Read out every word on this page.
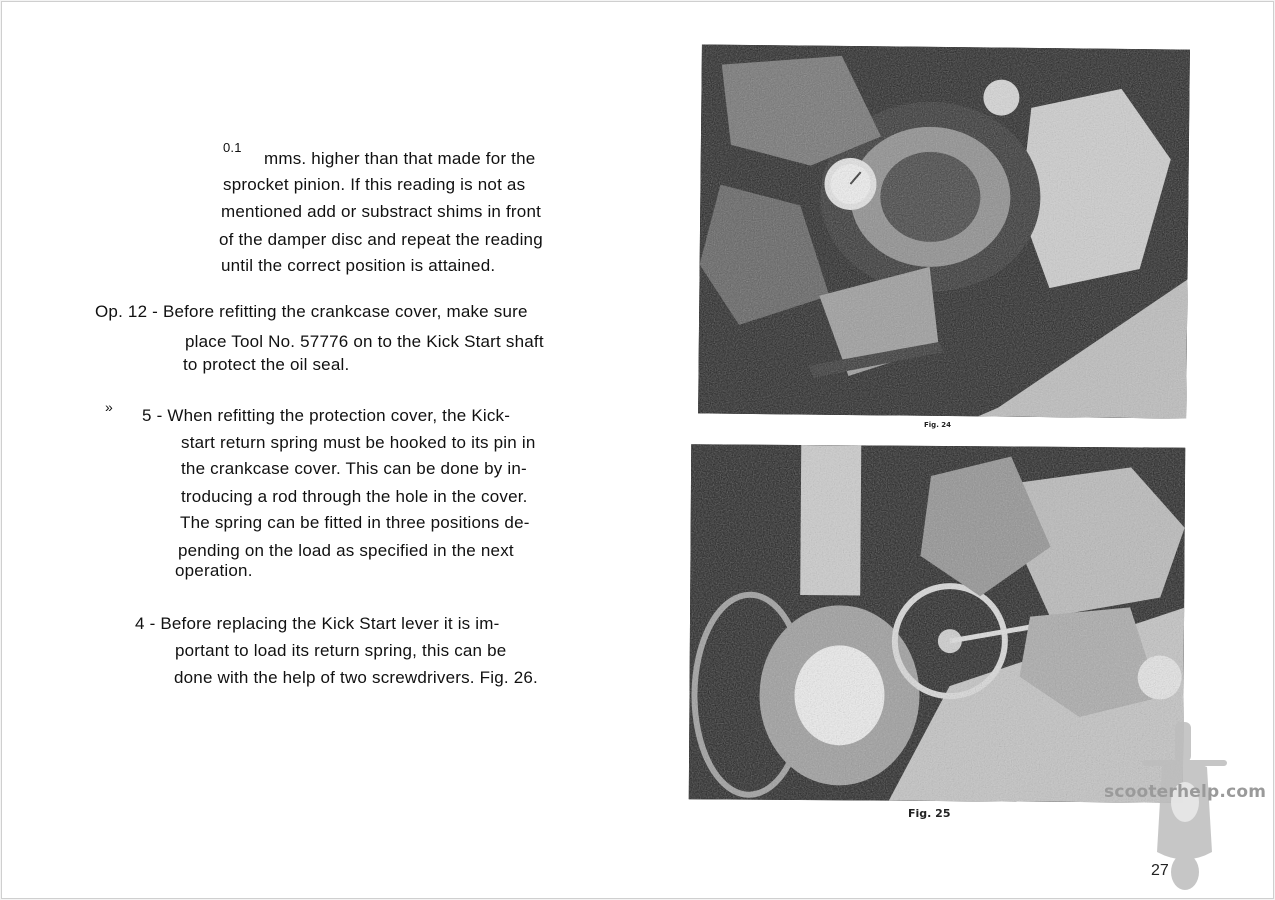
0.1
mms. higher than that made for the
sprocket pinion. If this reading is not as
mentioned add or substract shims in front
of the damper disc and repeat the reading
until the correct position is attained.
Op. 12 - Before refitting the crankcase cover, make sure
place Tool No. 57776 on to the Kick Start shaft
to protect the oil seal.
» 5 - When refitting the protection cover, the Kick-
start return spring must be hooked to its pin in
the crankcase cover. This can be done by in-
troducing a rod through the hole in the cover.
The spring can be fitted in three positions de-
pending on the load as specified in the next
operation.
4 - Before replacing the Kick Start lever it is im-
portant to load its return spring, this can be
done with the help of two screwdrivers. Fig. 26.
Fig. 24
Fig. 25
scooterhelp.com
27
